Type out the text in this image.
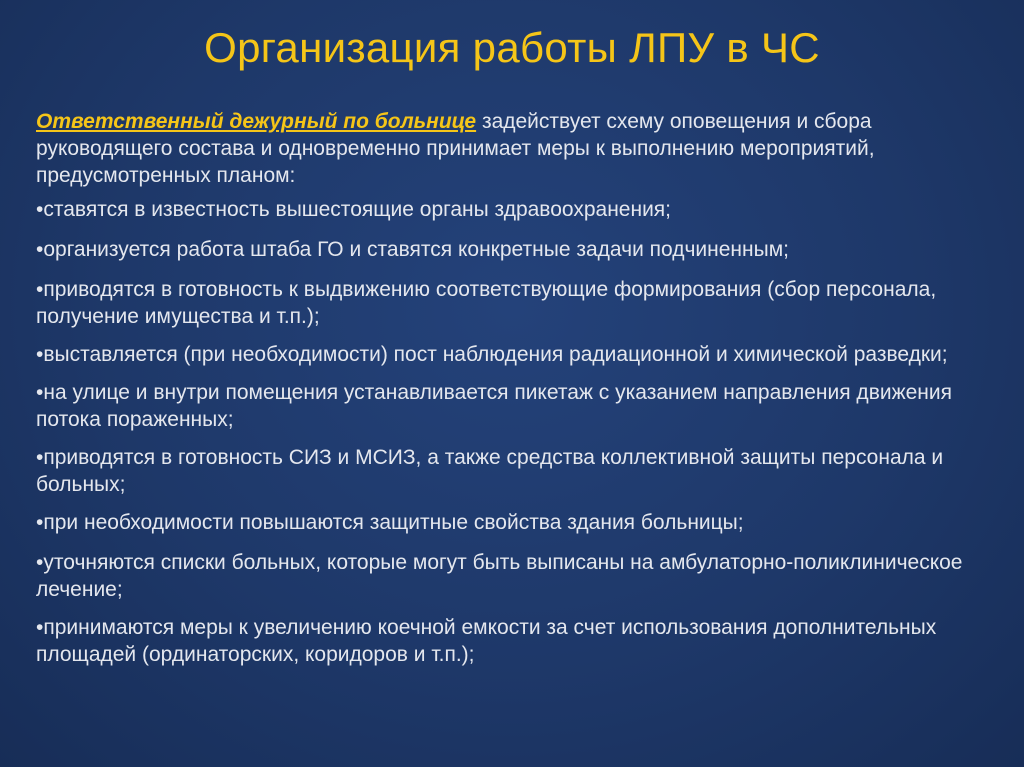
Организация работы ЛПУ в ЧС

Ответственный дежурный по больнице задействует схему оповещения и сбора руководящего состава и одновременно принимает меры к выполнению мероприятий, предусмотренных планом:

•ставятся в известность вышестоящие органы здравоохранения;
•организуется работа штаба ГО и ставятся конкретные задачи подчиненным;
•приводятся в готовность к выдвижению соответствующие формирования (сбор персонала, получение имущества и т.п.);
•выставляется (при необходимости) пост наблюдения радиационной и химической разведки;
•на улице и внутри помещения устанавливается пикетаж с указанием направления движения потока пораженных;
•приводятся в готовность СИЗ и МСИЗ, а также средства коллективной защиты персонала и больных;
•при необходимости повышаются защитные свойства здания больницы;
•уточняются списки больных, которые могут быть выписаны на амбулаторно-поликлиническое лечение;
•принимаются меры к увеличению коечной емкости за счет использования дополнительных площадей (ординаторских, коридоров и т.п.);
